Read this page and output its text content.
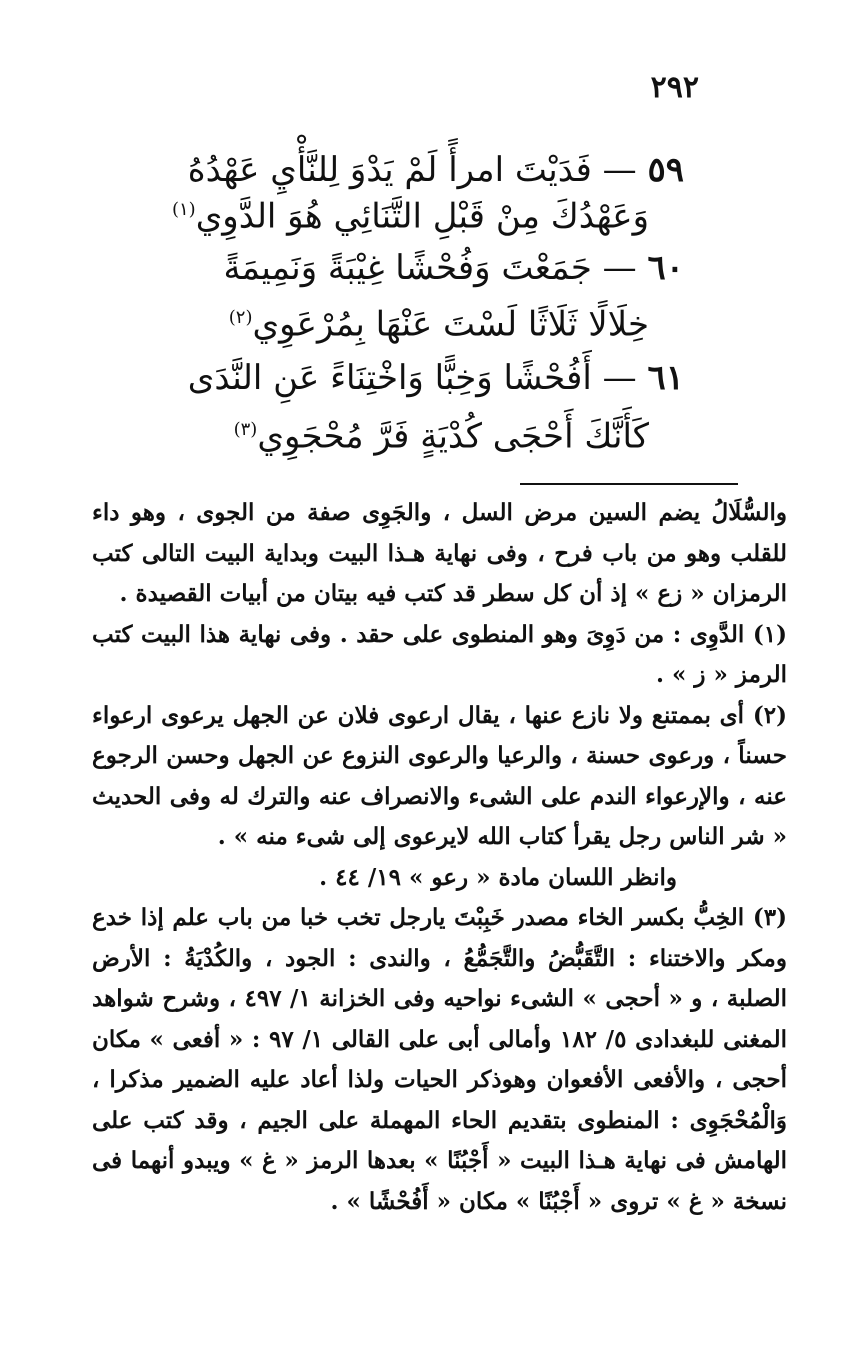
٢٩٢
٥٩ — فَدَيْتَ امرأً لَمْ يَدْوَ لِلنَّأْيِ عَهْدُهُ
وَعَهْدُكَ مِنْ قَبْلِ التَّنَائِي هُوَ الدَّوِي$^{(١)}$
٦٠ — جَمَعْتَ وَفُحْشًا غِيْبَةً وَنَمِيمَةً
خِلَالًا ثَلَاثًا لَسْتَ عَنْهَا بِمُرْعَوِي$^{(٢)}$
٦١ — أَفُحْشًا وَخِبًّا وَاخْتِنَاءً عَنِ النَّدَى
كَأَنَّكَ أَحْجَى كُدْيَةٍ فَرَّ مُحْجَوِي$^{(٣)}$

والسُّلَالُ يضم السين مرض السل ، والجَوِى صفة من الجوى ، وهو داء للقلب وهو من باب فرح ، وفى نهاية هـذا البيت وبداية البيت التالى كتب الرمزان « زع » إذ أن كل سطر قد كتب فيه بيتان من أبيات القصيدة .

(١) الدَّوِى : من دَوِىَ وهو المنطوى على حقد . وفى نهاية هذا البيت كتب الرمز « ز » .

(٢) أى بممتنع ولا نازع عنها ، يقال ارعوى فلان عن الجهل يرعوى ارعواء حسناً ، ورعوى حسنة ، والرعيا والرعوى النزوع عن الجهل وحسن الرجوع عنه ، والإرعواء الندم على الشىء والانصراف عنه والترك له وفى الحديث « شر الناس رجل يقرأ كتاب الله لايرعوى إلى شىء منه » .

وانظر اللسان مادة « رعو » ١٩/ ٤٤ .

(٣) الخِبُّ بكسر الخاء مصدر خَبِبْتَ يارجل تخب خبا من باب علم إذا خدع ومكر والاختناء : التَّقَبُّضُ والتَّجَمُّعُ ، والندى : الجود ، والكُدْيَةُ : الأرض الصلبة ، و « أحجى » الشىء نواحيه وفى الخزانة ١/ ٤٩٧ ، وشرح شواهد المغنى للبغدادى ٥/ ١٨٢ وأمالى أبى على القالى ١/ ٩٧ : « أفعى » مكان أحجى ، والأفعى الأفعوان وهوذكر الحيات ولذا أعاد عليه الضمير مذكرا ، وَالْمُحْجَوِى : المنطوى بتقديم الحاء المهملة على الجيم ، وقد كتب على الهامش فى نهاية هـذا البيت « أَجْبُنًا » بعدها الرمز « غ » ويبدو أنهما فى نسخة « غ » تروى « أَجْبُنًا » مكان « أَفُحْشًا » .
